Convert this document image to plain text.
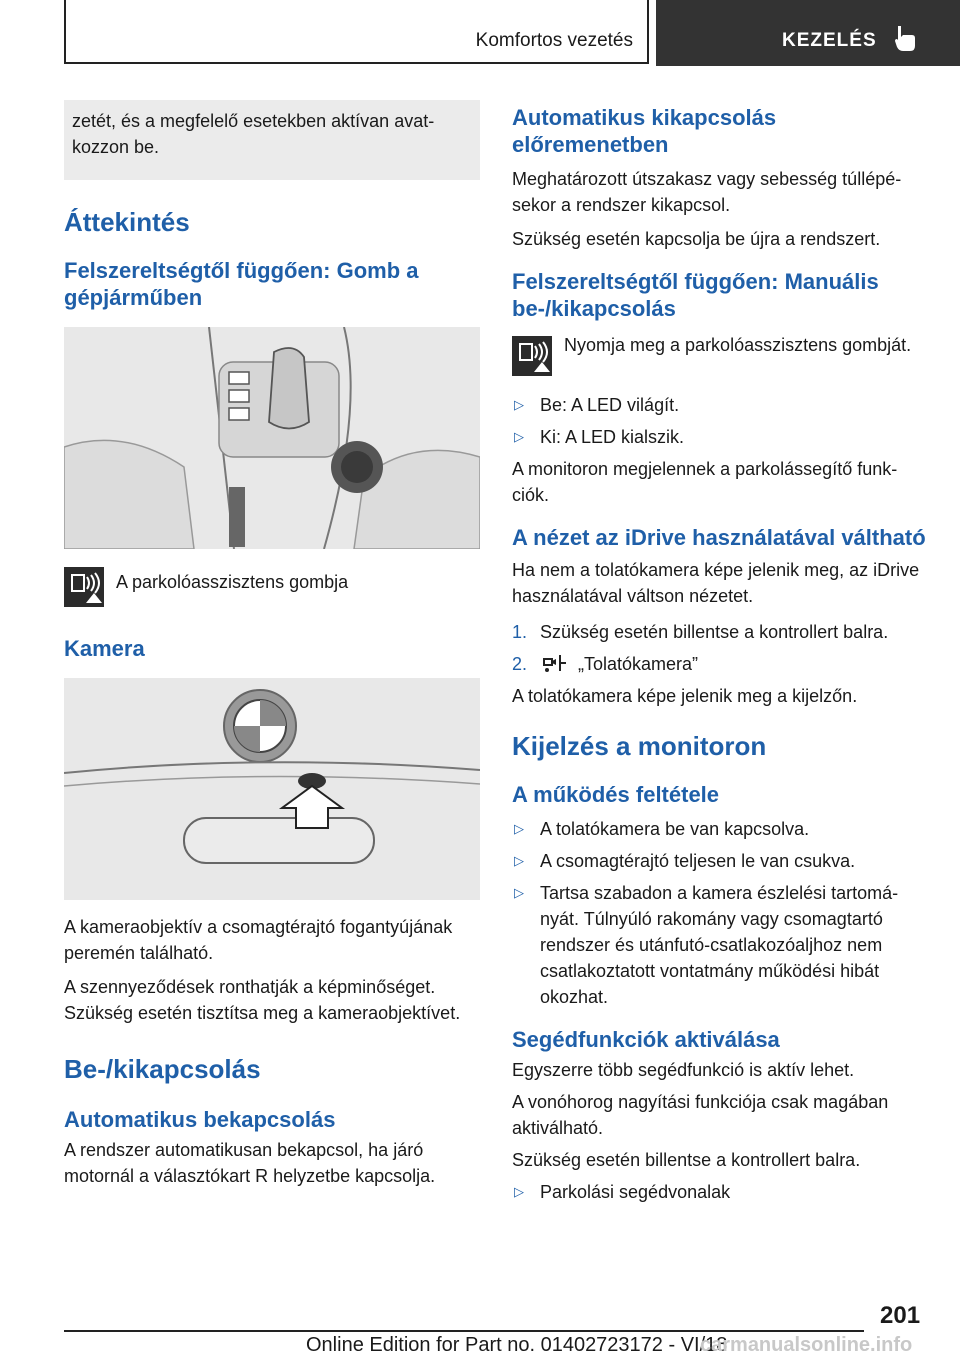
Komfortos vezetés	KEZELÉS
zetét, és a megfelelő esetekben aktívan avatkozzon be.
Áttekintés
Felszereltségtől függően: Gomb a gépjárműben
A parkolóasszisztens gombja
Kamera

A kameraobjektív a csomagtérajtó fogantyújának peremén található.

A szennyeződések ronthatják a képminőséget. Szükség esetén tisztítsa meg a kameraobjektívet.

Be-/kikapcsolás
Automatikus bekapcsolás

A rendszer automatikusan bekapcsol, ha járó motornál a választókart R helyzetbe kapcsolja.

Automatikus kikapcsolás előremenetben

Meghatározott útszakasz vagy sebesség túllépésekor a rendszer kikapcsol.

Szükség esetén kapcsolja be újra a rendszert.

Felszereltségtől függően: Manuális be-/kikapcsolás
Nyomja meg a parkolóasszisztens gombját.
▷ Be: A LED világít.
▷ Ki: A LED kialszik.

A monitoron megjelennek a parkolássegítő funkciók.

A nézet az iDrive használatával váltható

Ha nem a tolatókamera képe jelenik meg, az iDrive használatával váltson nézetet.

1. Szükség esetén billentse a kontrollert balra.
2.	„Tolatókamera”

A tolatókamera képe jelenik meg a kijelzőn.

Kijelzés a monitoron
A működés feltétele
▷ A tolatókamera be van kapcsolva.
▷ A csomagtérajtó teljesen le van csukva.
▷ Tartsa szabadon a kamera észlelési tartományát. Túlnyúló rakomány vagy csomagtartó rendszer és utánfutó-csatlakozóaljhoz nem csatlakoztatott vontatmány működési hibát okozhat.
Segédfunkciók aktiválása

Egyszerre több segédfunkció is aktív lehet.

A vonóhorog nagyítási funkciója csak magában aktiválható.

Szükség esetén billentse a kontrollert balra.

▷ Parkolási segédvonalak
201
Online Edition for Part no. 01402723172 - VI/18
carmanualsonline.info
